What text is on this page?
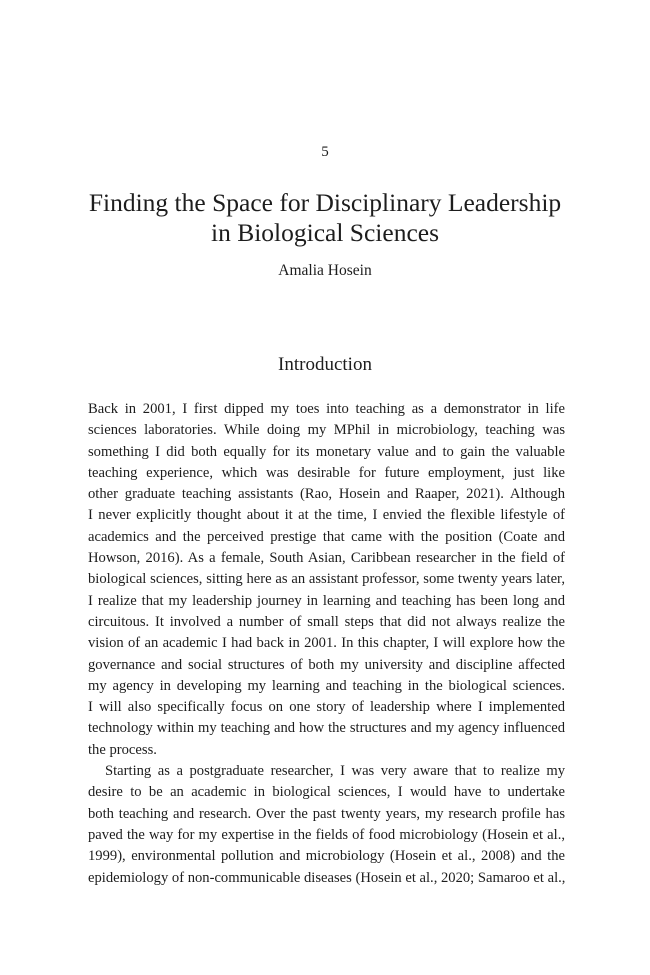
5
Finding the Space for Disciplinary Leadership
in Biological Sciences
Amalia Hosein
Introduction
Back in 2001, I first dipped my toes into teaching as a demonstrator in life
sciences laboratories. While doing my MPhil in microbiology, teaching was
something I did both equally for its monetary value and to gain the valuable
teaching experience, which was desirable for future employment, just like
other graduate teaching assistants (Rao, Hosein and Raaper, 2021). Although
I never explicitly thought about it at the time, I envied the flexible lifestyle of
academics and the perceived prestige that came with the position (Coate and
Howson, 2016). As a female, South Asian, Caribbean researcher in the field of
biological sciences, sitting here as an assistant professor, some twenty years later,
I realize that my leadership journey in learning and teaching has been long and
circuitous. It involved a number of small steps that did not always realize the
vision of an academic I had back in 2001. In this chapter, I will explore how the
governance and social structures of both my university and discipline affected
my agency in developing my learning and teaching in the biological sciences.
I will also specifically focus on one story of leadership where I implemented
technology within my teaching and how the structures and my agency influenced
the process.
Starting as a postgraduate researcher, I was very aware that to realize my
desire to be an academic in biological sciences, I would have to undertake
both teaching and research. Over the past twenty years, my research profile has
paved the way for my expertise in the fields of food microbiology (Hosein et al.,
1999), environmental pollution and microbiology (Hosein et al., 2008) and the
epidemiology of non-communicable diseases (Hosein et al., 2020; Samaroo et al.,
